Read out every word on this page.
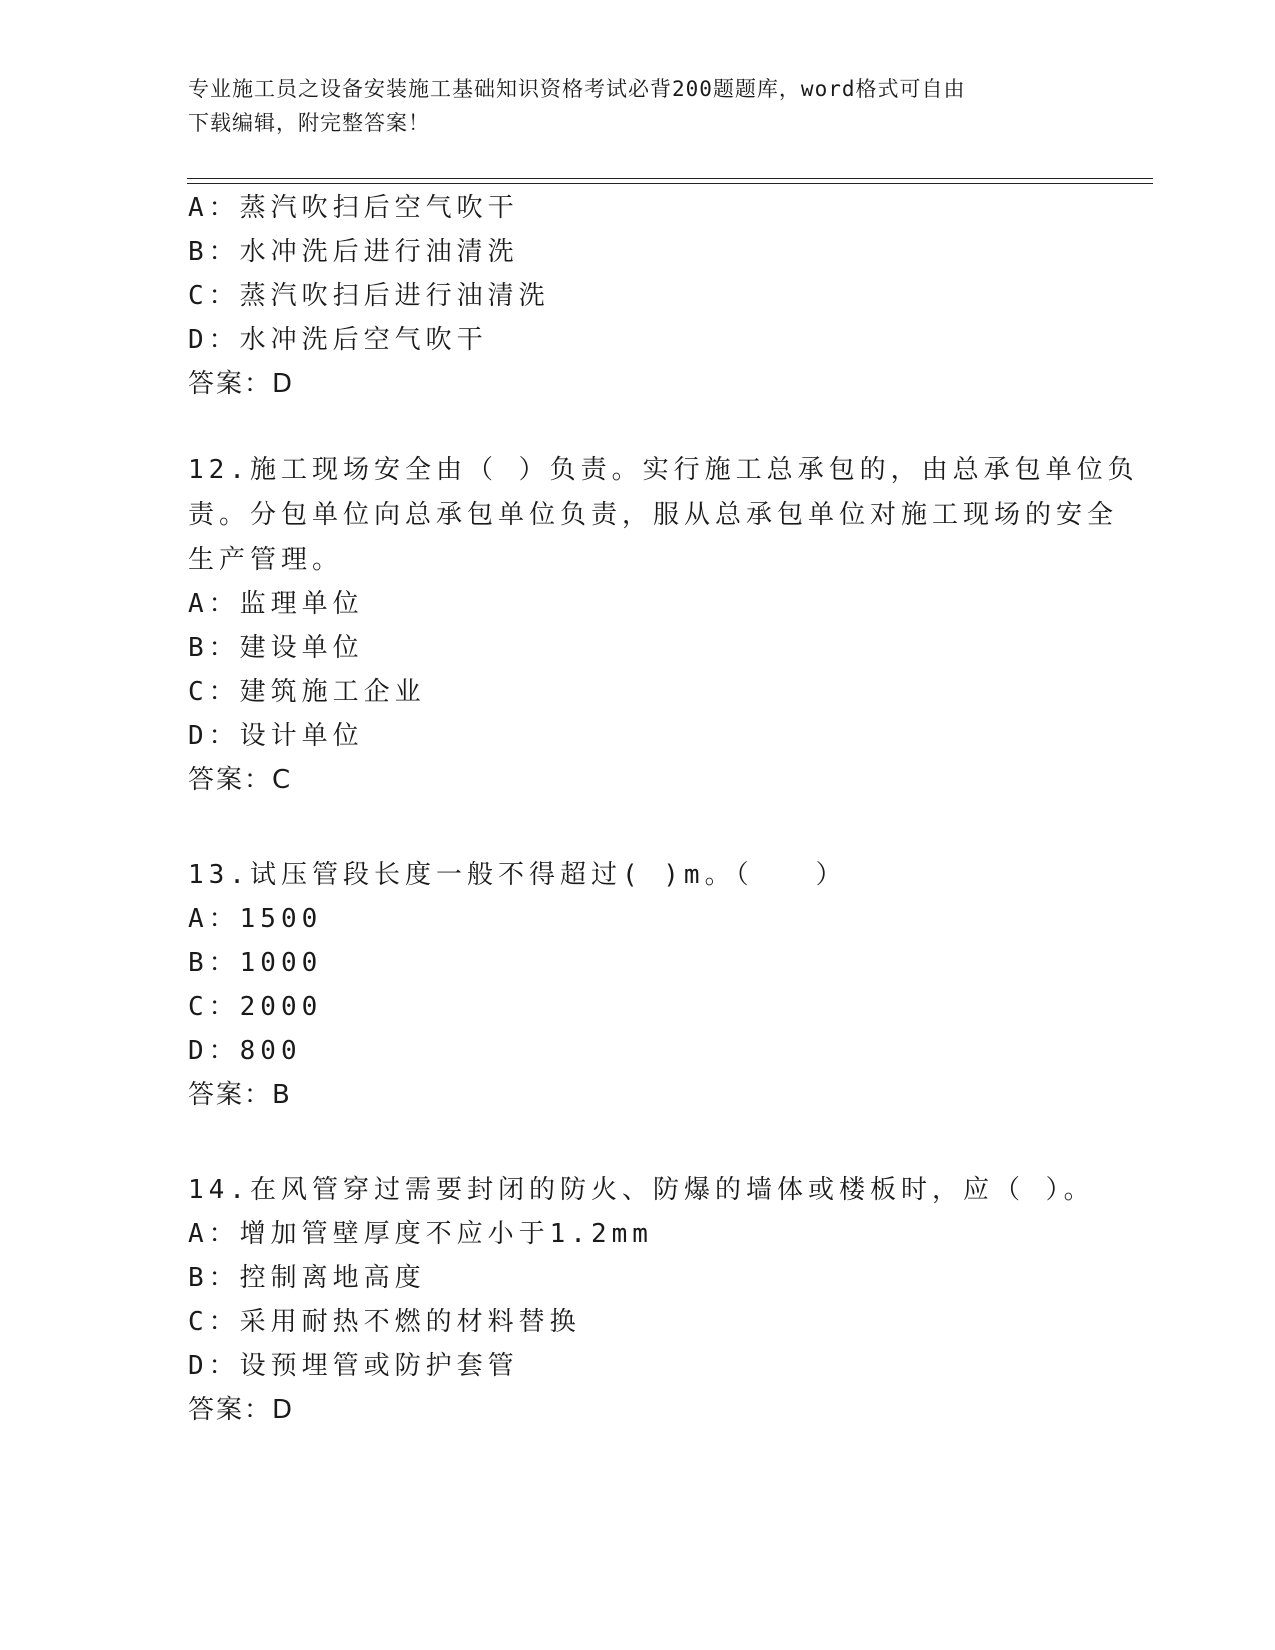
专业施工员之设备安装施工基础知识资格考试必背200题题库，word格式可自由
下载编辑，附完整答案！
A：蒸汽吹扫后空气吹干
B：水冲洗后进行油清洗
C：蒸汽吹扫后进行油清洗
D：水冲洗后空气吹干
答案：D
12.施工现场安全由（ ）负责。实行施工总承包的，由总承包单位负
责。分包单位向总承包单位负责，服从总承包单位对施工现场的安全
生产管理。
A：监理单位
B：建设单位
C：建筑施工企业
D：设计单位
答案：C
13.试压管段长度一般不得超过( )m。（　　）
A：1500
B：1000
C：2000
D：800
答案：B
14.在风管穿过需要封闭的防火、防爆的墙体或楼板时，应（ ）。
A：增加管壁厚度不应小于1.2mm
B：控制离地高度
C：采用耐热不燃的材料替换
D：设预埋管或防护套管
答案：D
